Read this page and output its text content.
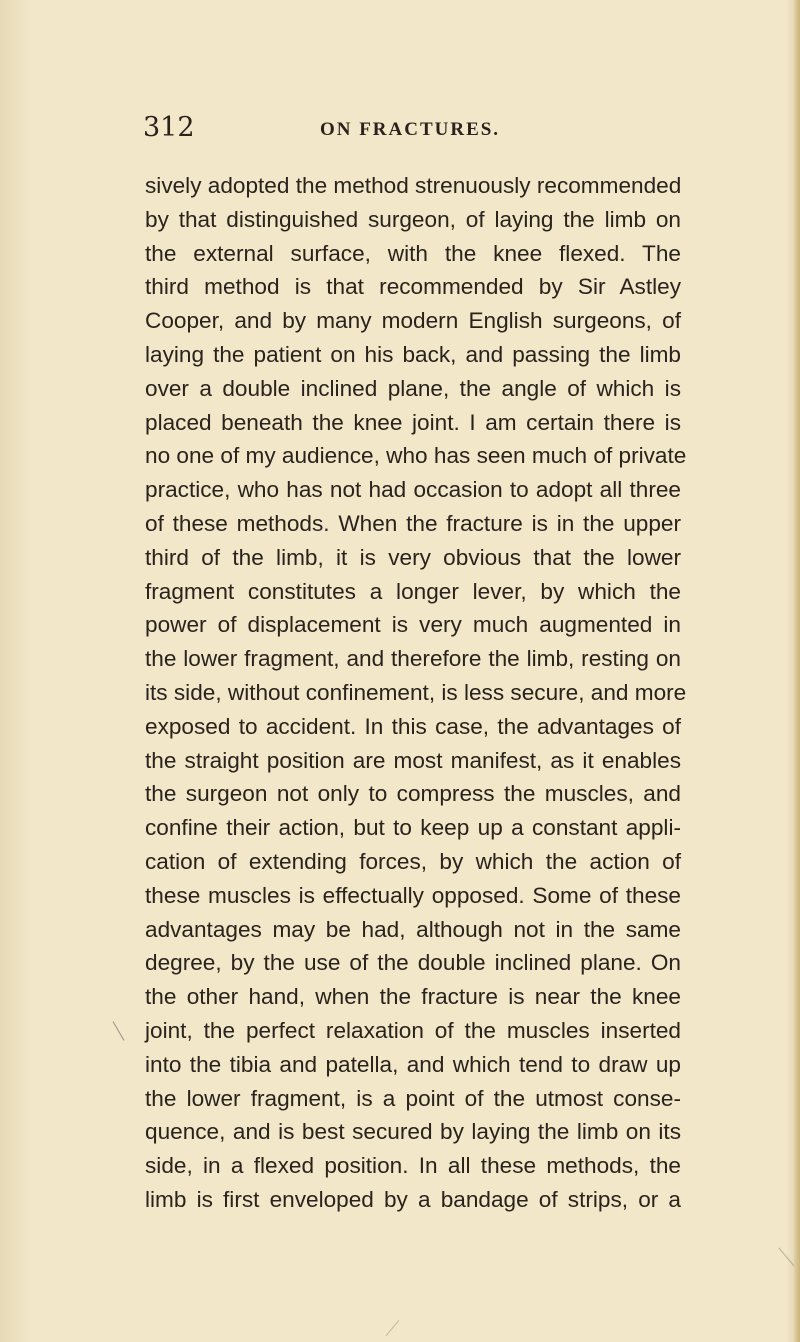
312	ON FRACTURES.
sively adopted the method strenuously recommended
by that distinguished surgeon, of laying the limb on
the external surface, with the knee flexed. The
third method is that recommended by Sir Astley
Cooper, and by many modern English surgeons, of
laying the patient on his back, and passing the limb
over a double inclined plane, the angle of which is
placed beneath the knee joint. I am certain there is
no one of my audience, who has seen much of private
practice, who has not had occasion to adopt all three
of these methods. When the fracture is in the upper
third of the limb, it is very obvious that the lower
fragment constitutes a longer lever, by which the
power of displacement is very much augmented in
the lower fragment, and therefore the limb, resting on
its side, without confinement, is less secure, and more
exposed to accident. In this case, the advantages of
the straight position are most manifest, as it enables
the surgeon not only to compress the muscles, and
confine their action, but to keep up a constant appli-
cation of extending forces, by which the action of
these muscles is effectually opposed. Some of these
advantages may be had, although not in the same
degree, by the use of the double inclined plane. On
the other hand, when the fracture is near the knee
joint, the perfect relaxation of the muscles inserted
into the tibia and patella, and which tend to draw up
the lower fragment, is a point of the utmost conse-
quence, and is best secured by laying the limb on its
side, in a flexed position. In all these methods, the
limb is first enveloped by a bandage of strips, or a
